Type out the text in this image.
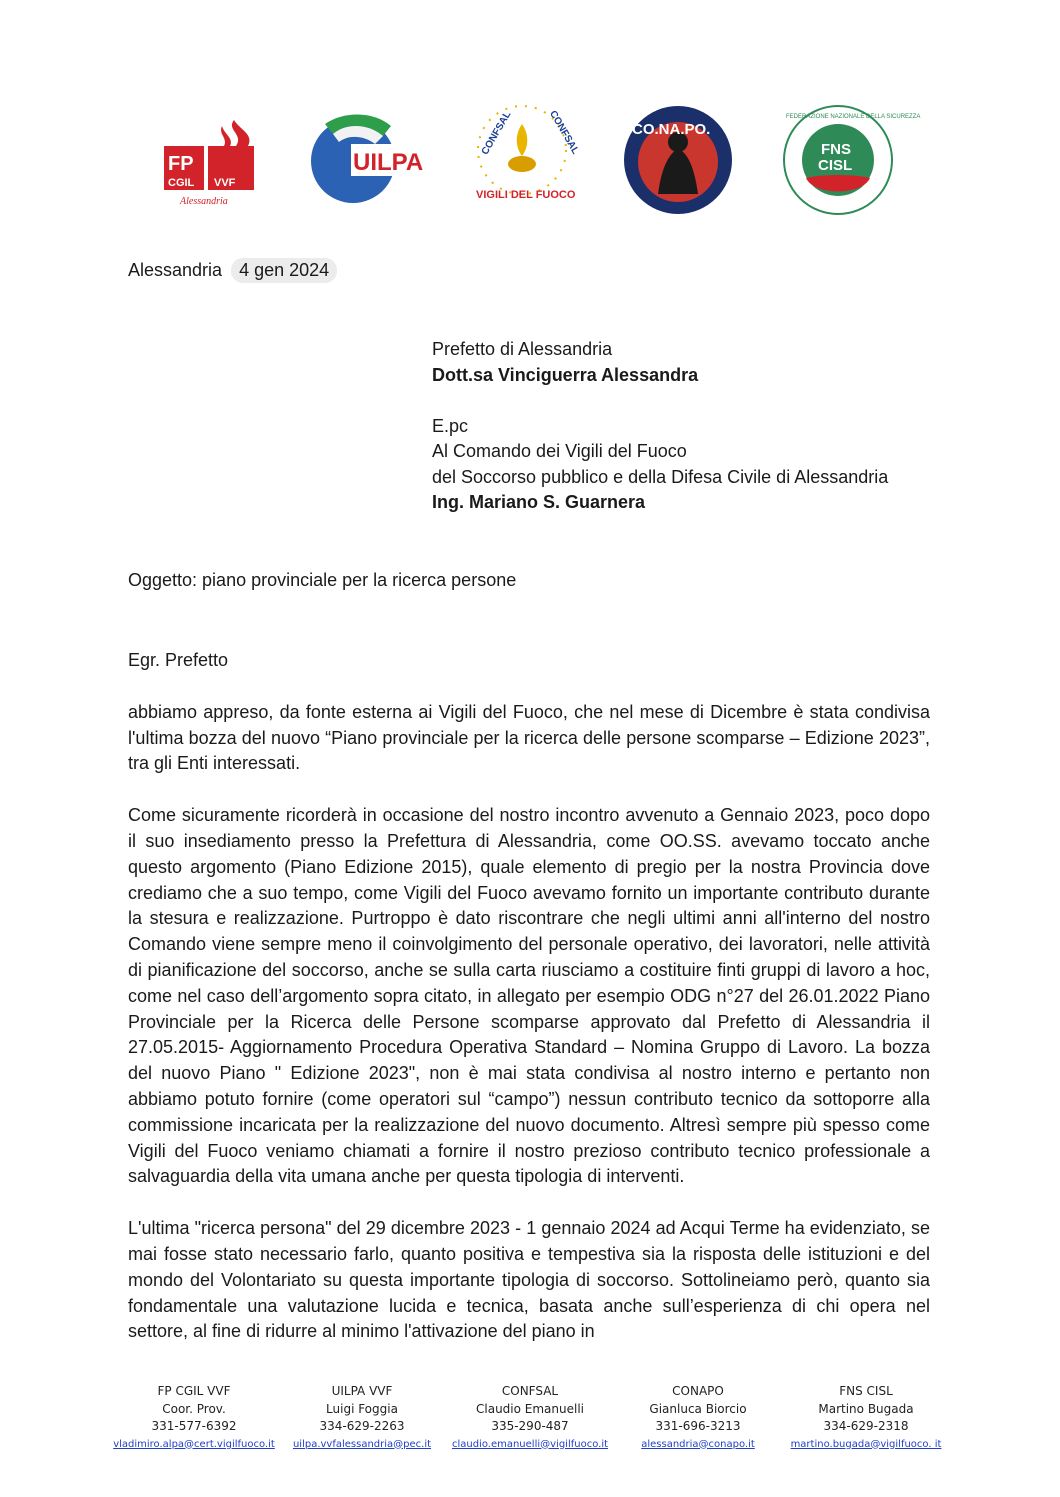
FP
CGIL VVF
Alessandria
UILPA
CONFSAL	CONFSAL
VIGILI DEL FUOCO
CO.NA.PO.
FNS
CISL
FEDERAZIONE NAZIONALE DELLA SICUREZZA
Alessandria 4 gen 2024
Prefetto di Alessandria
Dott.sa Vinciguerra Alessandra
E.pc
Al Comando dei Vigili del Fuoco
del Soccorso pubblico e della Difesa Civile di Alessandria
Ing. Mariano S. Guarnera
Oggetto: piano provinciale per la ricerca persone

Egr. Prefetto

abbiamo appreso, da fonte esterna ai Vigili del Fuoco, che nel mese di Dicembre è stata condivisa l'ultima bozza del nuovo “Piano provinciale per la ricerca delle persone scomparse – Edizione 2023”, tra gli Enti interessati.

Come sicuramente ricorderà in occasione del nostro incontro avvenuto a Gennaio 2023, poco dopo il suo insediamento presso la Prefettura di Alessandria, come OO.SS. avevamo toccato anche questo argomento (Piano Edizione 2015), quale elemento di pregio per la nostra Provincia dove crediamo che a suo tempo, come Vigili del Fuoco avevamo fornito un importante contributo durante la stesura e realizzazione. Purtroppo è dato riscontrare che negli ultimi anni all'interno del nostro Comando viene sempre meno il coinvolgimento del personale operativo, dei lavoratori, nelle attività di pianificazione del soccorso, anche se sulla carta riusciamo a costituire finti gruppi di lavoro a hoc, come nel caso dell’argomento sopra citato, in allegato per esempio ODG n°27 del 26.01.2022 Piano Provinciale per la Ricerca delle Persone scomparse approvato dal Prefetto di Alessandria il 27.05.2015- Aggiornamento Procedura Operativa Standard – Nomina Gruppo di Lavoro. La bozza del nuovo Piano " Edizione 2023", non è mai stata condivisa al nostro interno e pertanto non abbiamo potuto fornire (come operatori sul “campo”) nessun contributo tecnico da sottoporre alla commissione incaricata per la realizzazione del nuovo documento. Altresì sempre più spesso come Vigili del Fuoco veniamo chiamati a fornire il nostro prezioso contributo tecnico professionale a salvaguardia della vita umana anche per questa tipologia di interventi.

L'ultima "ricerca persona" del 29 dicembre 2023 - 1 gennaio 2024 ad Acqui Terme ha evidenziato, se mai fosse stato necessario farlo, quanto positiva e tempestiva sia la risposta delle istituzioni e del mondo del Volontariato su questa importante tipologia di soccorso. Sottolineiamo però, quanto sia fondamentale una valutazione lucida e tecnica, basata anche sull’esperienza di chi opera nel settore, al fine di ridurre al minimo l'attivazione del piano in

FP CGIL VVF
Coor. Prov.
331-577-6392
vladimiro.alpa@cert.vigilfuoco.it
UILPA VVF
Luigi Foggia
334-629-2263
uilpa.vvfalessandria@pec.it
CONFSAL
Claudio Emanuelli
335-290-487
claudio.emanuelli@vigilfuoco.it
CONAPO
Gianluca Biorcio
331-696-3213
alessandria@conapo.it
FNS CISL
Martino Bugada
334-629-2318
martino.bugada@vigilfuoco. it
